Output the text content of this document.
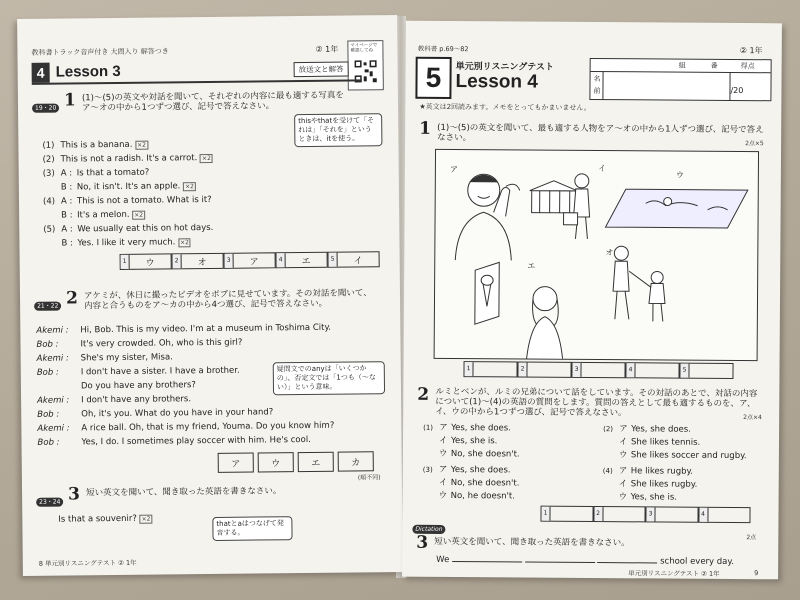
教科書トラック音声付き 大問入り 解答つき	② 1年	マイページで確認してね
4 Lesson 3	放送文と解答
19・20 1 (1)〜(5)の英文や対話を聞いて、それぞれの内容に最も適する写真をア〜オの中から1つずつ選び、記号で答えなさい。
thisやthatを受けて「それは」「それを」というときは、itを使う。
(1) This is a banana. ×2
(2) This is not a radish. It's a carrot. ×2
(3) A : Is that a tomato?
B : No, it isn't. It's an apple. ×2
(4) A : This is not a tomato. What is it?
B : It's a melon. ×2
(5) A : We usually eat this on hot days.
B : Yes. I like it very much. ×2
1	ウ	2	オ	3	ア	4	エ	5	イ
21・22 2 アケミが、休日に撮ったビデオをボブに見せています。その対話を聞いて、内容と合うものをア〜カの中から4つ選び、記号で答えなさい。
Akemi : Hi, Bob. This is my video. I'm at a museum in Toshima City.
Bob :	It's very crowded. Oh, who is this girl?
Akemi : She's my sister, Misa.
Bob :	I don't have a sister. I have a brother.
Do you have any brothers?
Akemi : I don't have any brothers.
Bob :	Oh, it's you. What do you have in your hand?
Akemi : A rice ball. Oh, that is my friend, Youma. Do you know him?
Bob :	Yes, I do. I sometimes play soccer with him. He's cool.
疑問文でのanyは「いくつかの」、否定文では「1つも（〜ない）」という意味。
ア	ウ	エ	カ
(順不同)
23・24 3 短い英文を聞いて、聞き取った英語を書きなさい。
Is that a souvenir? ×2
thatとaはつなげて発音する。
8 単元別リスニングテスト ② 1年
教科書 p.69〜82	② 1年
5	単元別リスニングテスト
Lesson 4
組	番	得点
名
前	/20
★英文は2回読みます。メモをとってもかまいません。
1 (1)〜(5)の英文を聞いて、最も適する人物をア〜オの中から1人ずつ選び、記号で答えなさい。
2点×5
ア	イ
ウ
エ
オ
1	2	3	4	5
2 ルミとベンが、ルミの兄弟について話をしています。その対話のあとで、対話の内容について(1)〜(4)の英語の質問をします。質問の答えとして最も適するものを、ア、イ、ウの中から1つずつ選び、記号で答えなさい。	2点×4
(1) ア Yes, she does.
イ Yes, she is.
ウ No, she doesn't.
(2) ア Yes, she does.
イ She likes tennis.
ウ She likes soccer and rugby.
(3) ア Yes, she does.
イ No, she doesn't.
ウ No, he doesn't.
(4) ア He likes rugby.
イ She likes rugby.
ウ Yes, she is.
1	2	3	4
Dictation
3 短い英文を聞いて、聞き取った英語を書きなさい。	2点
We	school every day.
単元別リスニングテスト ② 1年	9
